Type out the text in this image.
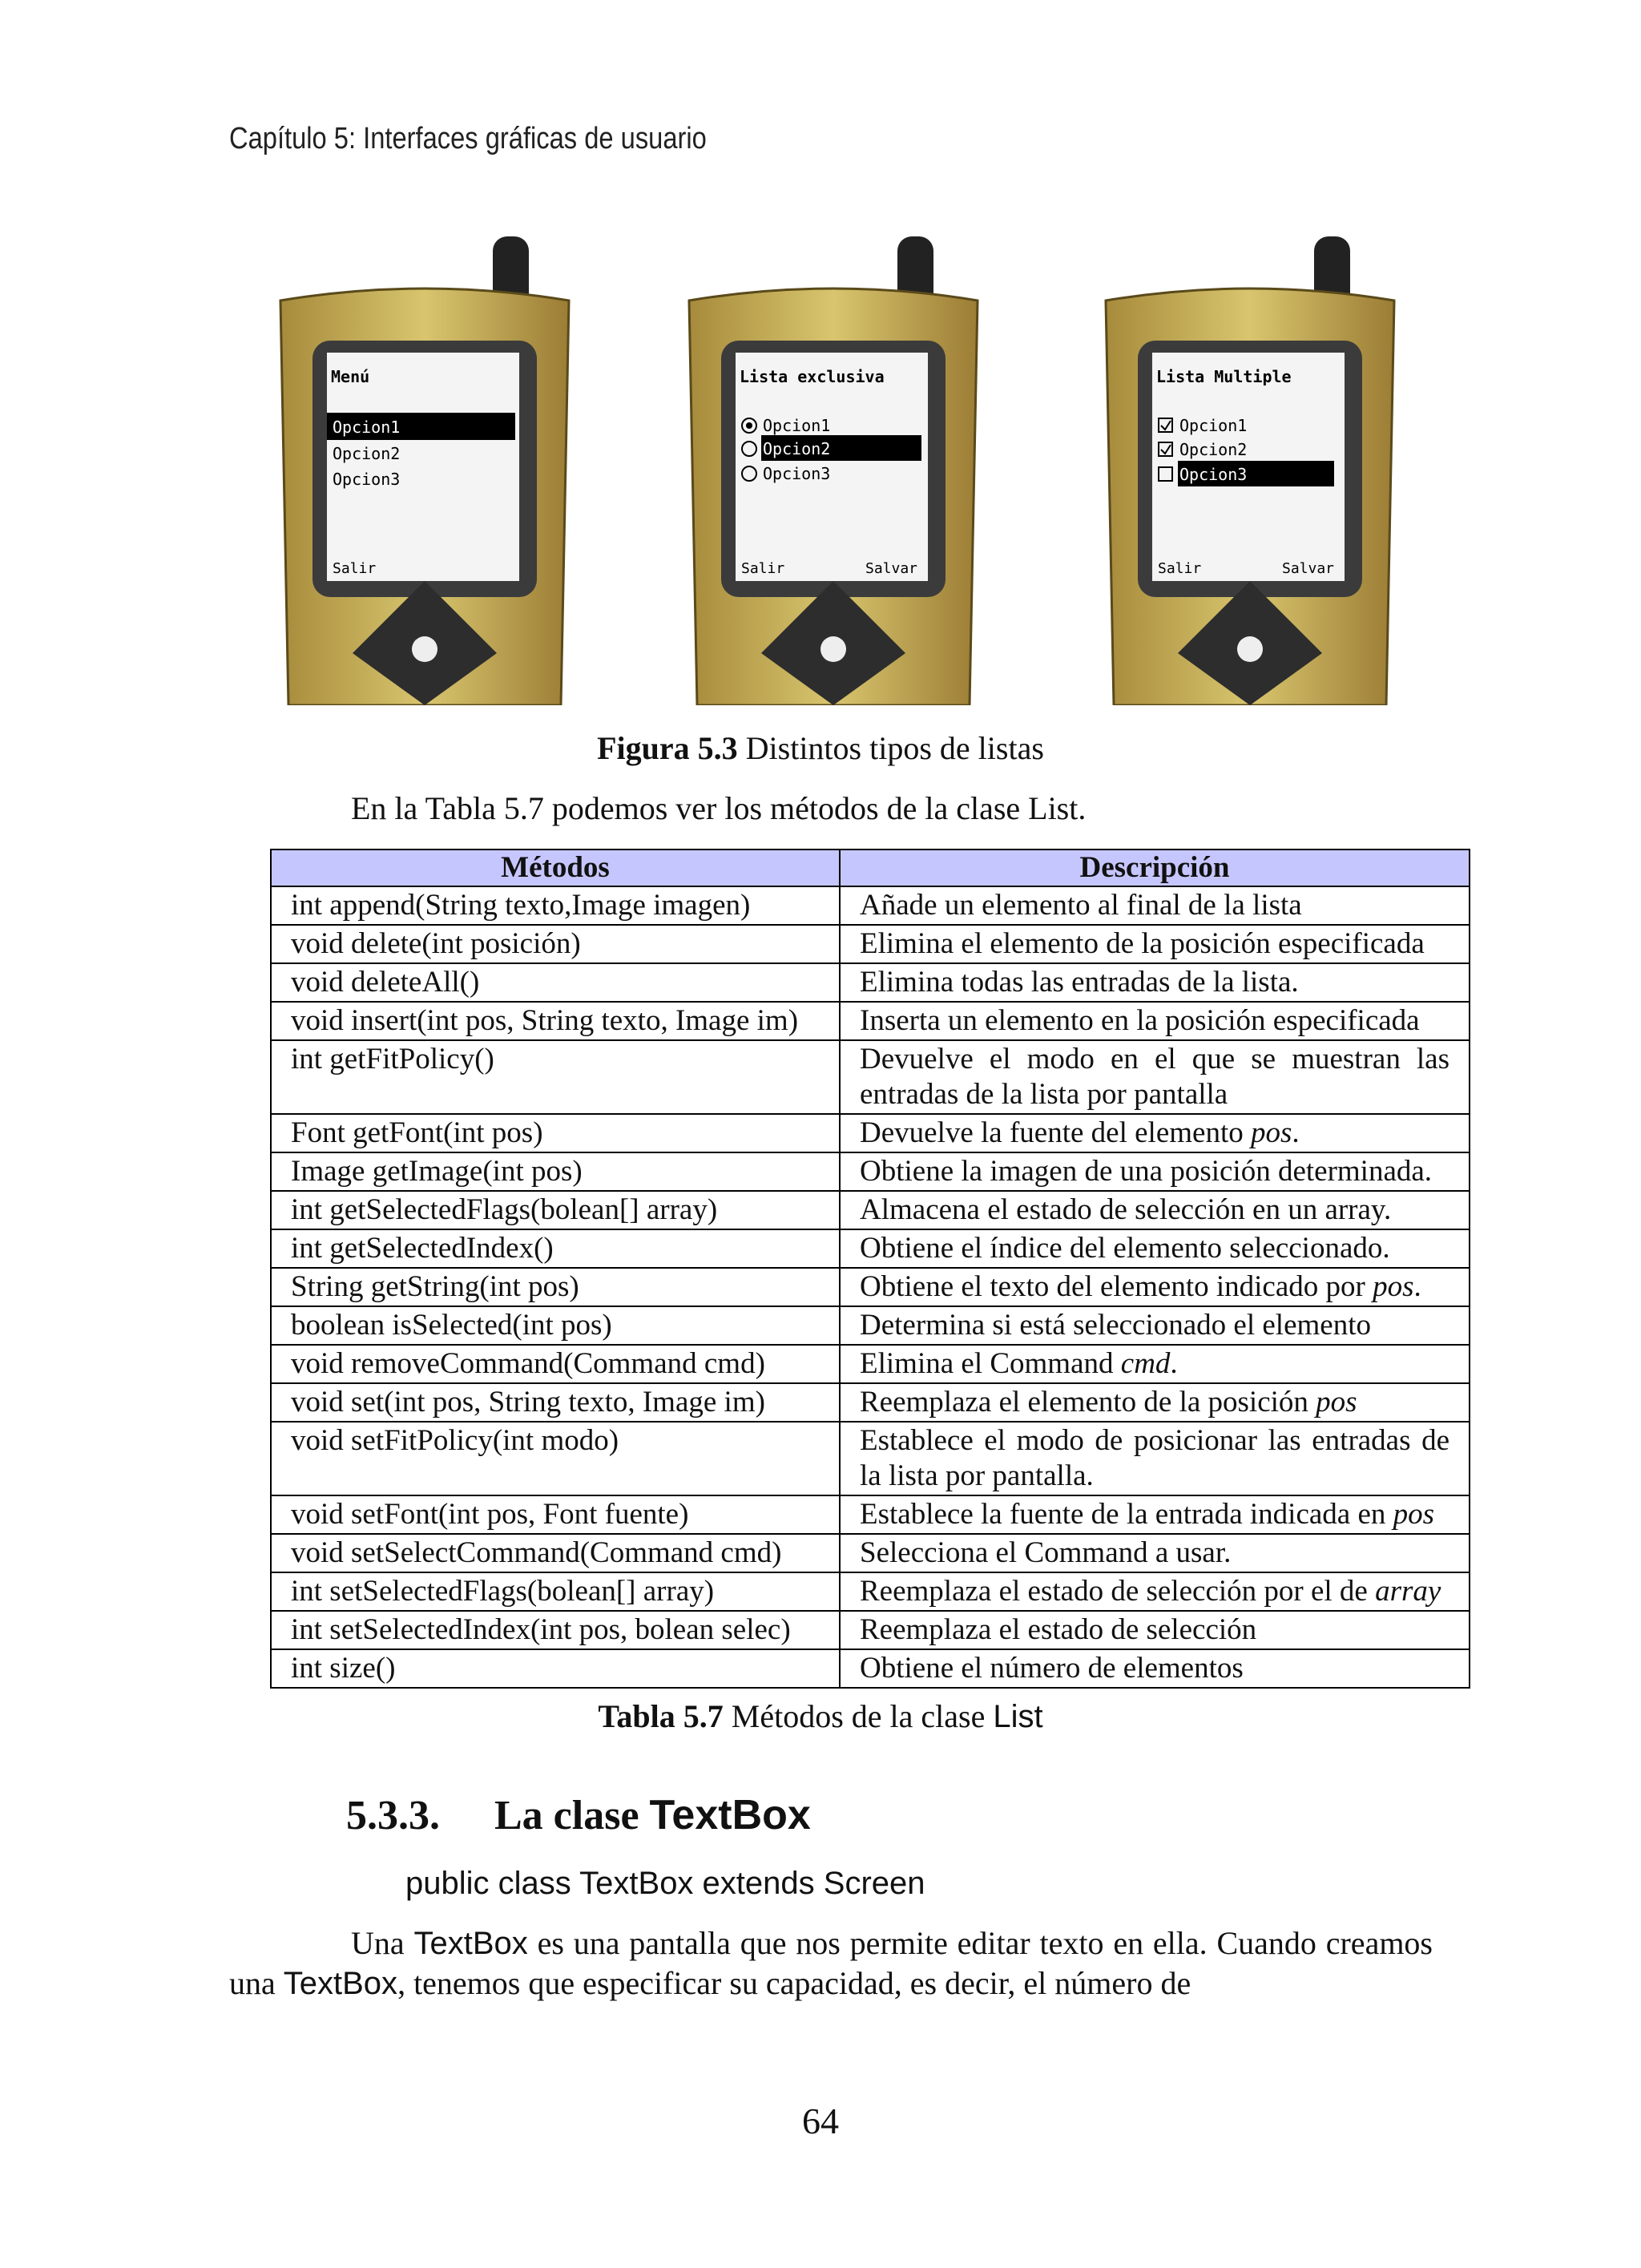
Capítulo 5: Interfaces gráficas de usuario
Menú
Opcion1
Opcion2
Opcion3
Salir
Lista exclusiva
Opcion1
Opcion2
Opcion3
Salir	Salvar
Lista Multiple
Opcion1
Opcion2
Opcion3
Salir	Salvar
Figura 5.3 Distintos tipos de listas
En la Tabla 5.7 podemos ver los métodos de la clase List.
Métodos	Descripción
int append(String texto,Image imagen)	Añade un elemento al final de la lista
void delete(int posición)	Elimina el elemento de la posición especificada
void deleteAll()	Elimina todas las entradas de la lista.
void insert(int pos, String texto, Image im)	Inserta un elemento en la posición especificada
int getFitPolicy()	Devuelve el modo en el que se muestran las entradas de la lista por pantalla
Font getFont(int pos)	Devuelve la fuente del elemento pos.
Image getImage(int pos)	Obtiene la imagen de una posición determinada.
int getSelectedFlags(bolean[] array)	Almacena el estado de selección en un array.
int getSelectedIndex()	Obtiene el índice del elemento seleccionado.
String getString(int pos)	Obtiene el texto del elemento indicado por pos.
boolean isSelected(int pos)	Determina si está seleccionado el elemento
void removeCommand(Command cmd)	Elimina el Command cmd.
void set(int pos, String texto, Image im)	Reemplaza el elemento de la posición pos
void setFitPolicy(int modo)	Establece el modo de posicionar las entradas de la lista por pantalla.
void setFont(int pos, Font fuente)	Establece la fuente de la entrada indicada en pos
void setSelectCommand(Command cmd)	Selecciona el Command a usar.
int setSelectedFlags(bolean[] array)	Reemplaza el estado de selección por el de array
int setSelectedIndex(int pos, bolean selec)	Reemplaza el estado de selección
int size()	Obtiene el número de elementos
Tabla 5.7 Métodos de la clase List
5.3.3. La clase TextBox
public class TextBox extends Screen
Una TextBox es una pantalla que nos permite editar texto en ella. Cuando creamos una TextBox, tenemos que especificar su capacidad, es decir, el número de
64
